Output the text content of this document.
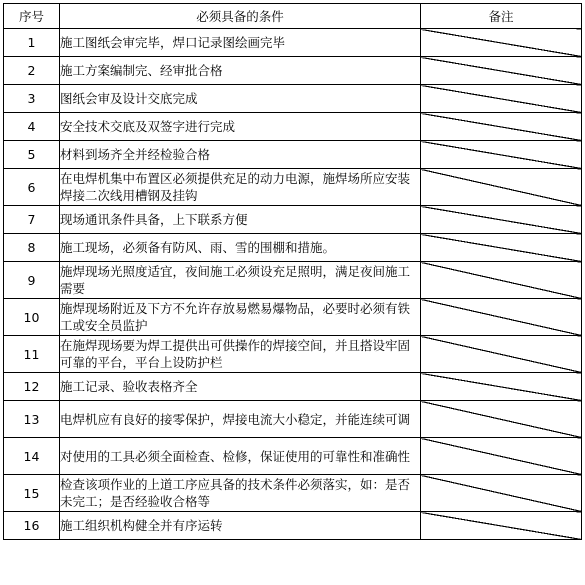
序号	必须具备的条件	备注
1	施工图纸会审完毕，焊口记录图绘画完毕	
2	施工方案编制完、经审批合格	
3	图纸会审及设计交底完成	
4	安全技术交底及双签字进行完成	
5	材料到场齐全并经检验合格	
6	在电焊机集中布置区必须提供充足的动力电源，施焊场所应安装焊接二次线用槽钢及挂钩	
7	现场通讯条件具备，上下联系方便	
8	施工现场，必须备有防风、雨、雪的围棚和措施。	
9	施焊现场光照度适宜，夜间施工必须设充足照明，满足夜间施工需要	
10	施焊现场附近及下方不允许存放易燃易爆物品，必要时必须有铁工或安全员监护	
11	在施焊现场要为焊工提供出可供操作的焊接空间，并且搭设牢固可靠的平台，平台上设防护栏	
12	施工记录、验收表格齐全	
13	电焊机应有良好的接零保护，焊接电流大小稳定，并能连续可调	
14	对使用的工具必须全面检查、检修，保证使用的可靠性和准确性	
15	检查该项作业的上道工序应具备的技术条件必须落实，如：是否未完工；是否经验收合格等	
16	施工组织机构健全并有序运转	
